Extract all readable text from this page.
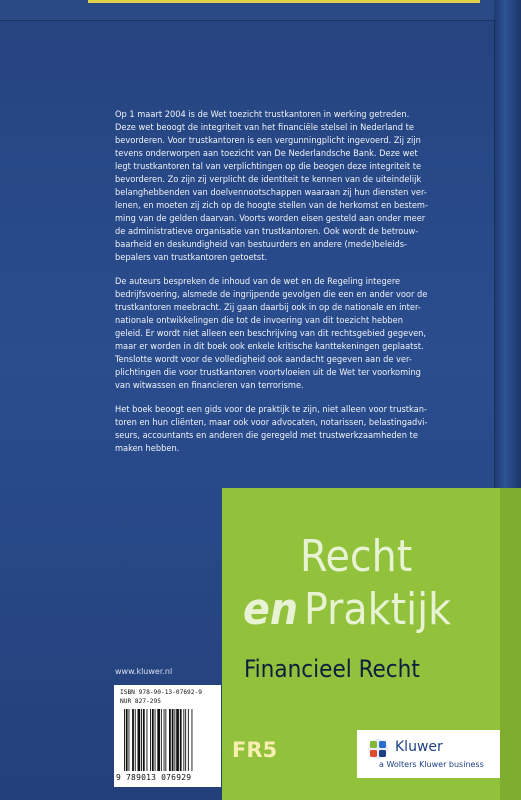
Op 1 maart 2004 is de Wet toezicht trustkantoren in werking getreden.
Deze wet beoogt de integriteit van het financiële stelsel in Nederland te
bevorderen. Voor trustkantoren is een vergunningplicht ingevoerd. Zij zijn
tevens onderworpen aan toezicht van De Nederlandsche Bank. Deze wet
legt trustkantoren tal van verplichtingen op die beogen deze integriteit te
bevorderen. Zo zijn zij verplicht de identiteit te kennen van de uiteindelijk
belanghebbenden van doelvennootschappen waaraan zij hun diensten ver-
lenen, en moeten zij zich op de hoogte stellen van de herkomst en bestem-
ming van de gelden daarvan. Voorts worden eisen gesteld aan onder meer
de administratieve organisatie van trustkantoren. Ook wordt de betrouw-
baarheid en deskundigheid van bestuurders en andere (mede)beleids-
bepalers van trustkantoren getoetst.

De auteurs bespreken de inhoud van de wet en de Regeling integere
bedrijfsvoering, alsmede de ingrijpende gevolgen die een en ander voor de
trustkantoren meebracht. Zij gaan daarbij ook in op de nationale en inter-
nationale ontwikkelingen die tot de invoering van dit toezicht hebben
geleid. Er wordt niet alleen een beschrijving van dit rechtsgebied gegeven,
maar er worden in dit boek ook enkele kritische kanttekeningen geplaatst.
Tenslotte wordt voor de volledigheid ook aandacht gegeven aan de ver-
plichtingen die voor trustkantoren voortvloeien uit de Wet ter voorkoming
van witwassen en financieren van terrorisme.

Het boek beoogt een gids voor de praktijk te zijn, niet alleen voor trustkan-
toren en hun cliënten, maar ook voor advocaten, notarissen, belastingadvi-
seurs, accountants en anderen die geregeld met trustwerkzaamheden te
maken hebben.

www.kluwer.nl
Recht
en Praktijk
Financieel Recht
FR5	Kluwer
a Wolters Kluwer business
ISBN 978-90-13-07692-9
NUR 827-295
9 789013 076929
